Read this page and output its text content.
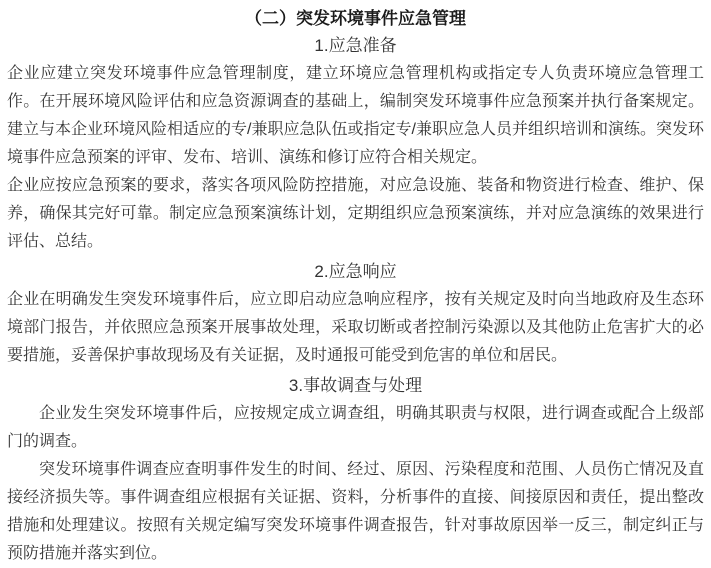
（二）突发环境事件应急管理
1.应急准备

企业应建立突发环境事件应急管理制度，建立环境应急管理机构或指定专人负责环境应急管理工作。在开展环境风险评估和应急资源调查的基础上，编制突发环境事件应急预案并执行备案规定。建立与本企业环境风险相适应的专/兼职应急队伍或指定专/兼职应急人员并组织培训和演练。突发环境事件应急预案的评审、发布、培训、演练和修订应符合相关规定。

企业应按应急预案的要求，落实各项风险防控措施，对应急设施、装备和物资进行检查、维护、保养，确保其完好可靠。制定应急预案演练计划，定期组织应急预案演练，并对应急演练的效果进行评估、总结。

2.应急响应

企业在明确发生突发环境事件后，应立即启动应急响应程序，按有关规定及时向当地政府及生态环境部门报告，并依照应急预案开展事故处理，采取切断或者控制污染源以及其他防止危害扩大的必要措施，妥善保护事故现场及有关证据，及时通报可能受到危害的单位和居民。

3.事故调查与处理

企业发生突发环境事件后，应按规定成立调查组，明确其职责与权限，进行调查或配合上级部门的调查。

突发环境事件调查应查明事件发生的时间、经过、原因、污染程度和范围、人员伤亡情况及直接经济损失等。事件调查组应根据有关证据、资料，分析事件的直接、间接原因和责任，提出整改措施和处理建议。按照有关规定编写突发环境事件调查报告，针对事故原因举一反三，制定纠正与预防措施并落实到位。
